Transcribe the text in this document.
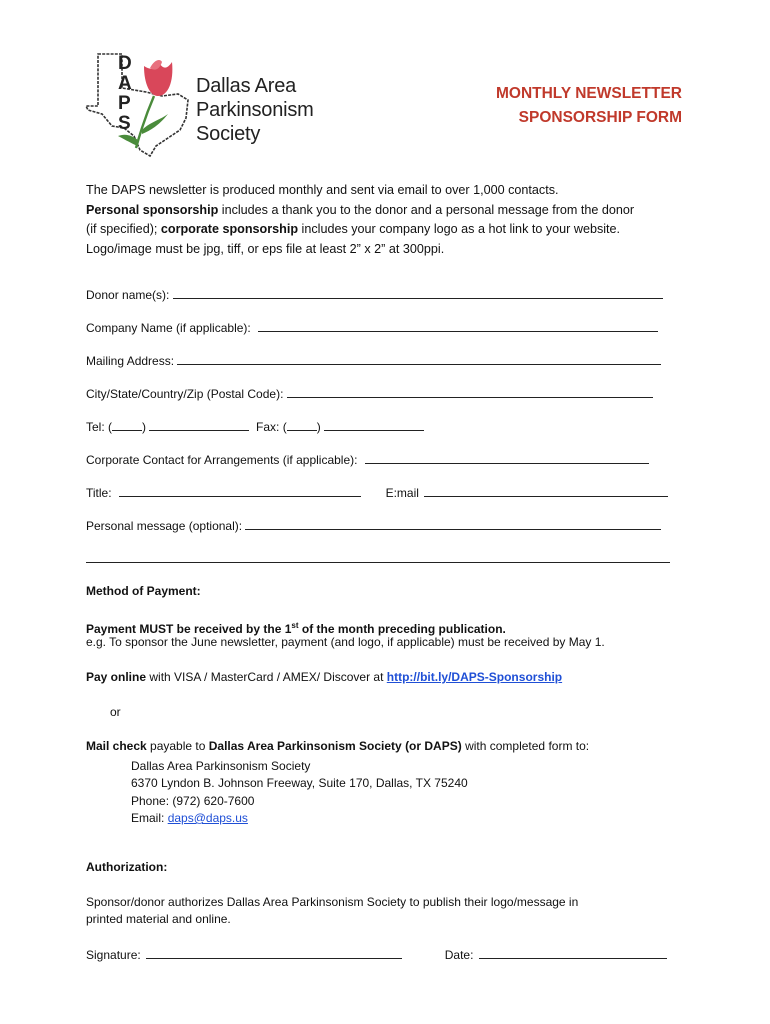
D
A
P
S
Dallas Area
Parkinsonism
Society
MONTHLY NEWSLETTER
SPONSORSHIP FORM
The DAPS newsletter is produced monthly and sent via email to over 1,000 contacts.
Personal sponsorship includes a thank you to the donor and a personal message from the donor
(if specified); corporate sponsorship includes your company logo as a hot link to your website.
Logo/image must be jpg, tiff, or eps file at least 2” x 2” at 300ppi.
Donor name(s):
Company Name (if applicable):
Mailing Address:
City/State/Country/Zip (Postal Code):
Tel: (	)	Fax: (	)
Corporate Contact for Arrangements (if applicable):
Title:	E:mail
Personal message (optional):
Method of Payment:
Payment MUST be received by the 1st of the month preceding publication.
e.g. To sponsor the June newsletter, payment (and logo, if applicable) must be received by May 1.
Pay online with VISA / MasterCard / AMEX/ Discover at http://bit.ly/DAPS-Sponsorship
or
Mail check payable to Dallas Area Parkinsonism Society (or DAPS) with completed form to:
Dallas Area Parkinsonism Society
6370 Lyndon B. Johnson Freeway, Suite 170, Dallas, TX 75240
Phone: (972) 620-7600
Email: daps@daps.us
Authorization:
Sponsor/donor authorizes Dallas Area Parkinsonism Society to publish their logo/message in
printed material and online.
Signature:	Date:
